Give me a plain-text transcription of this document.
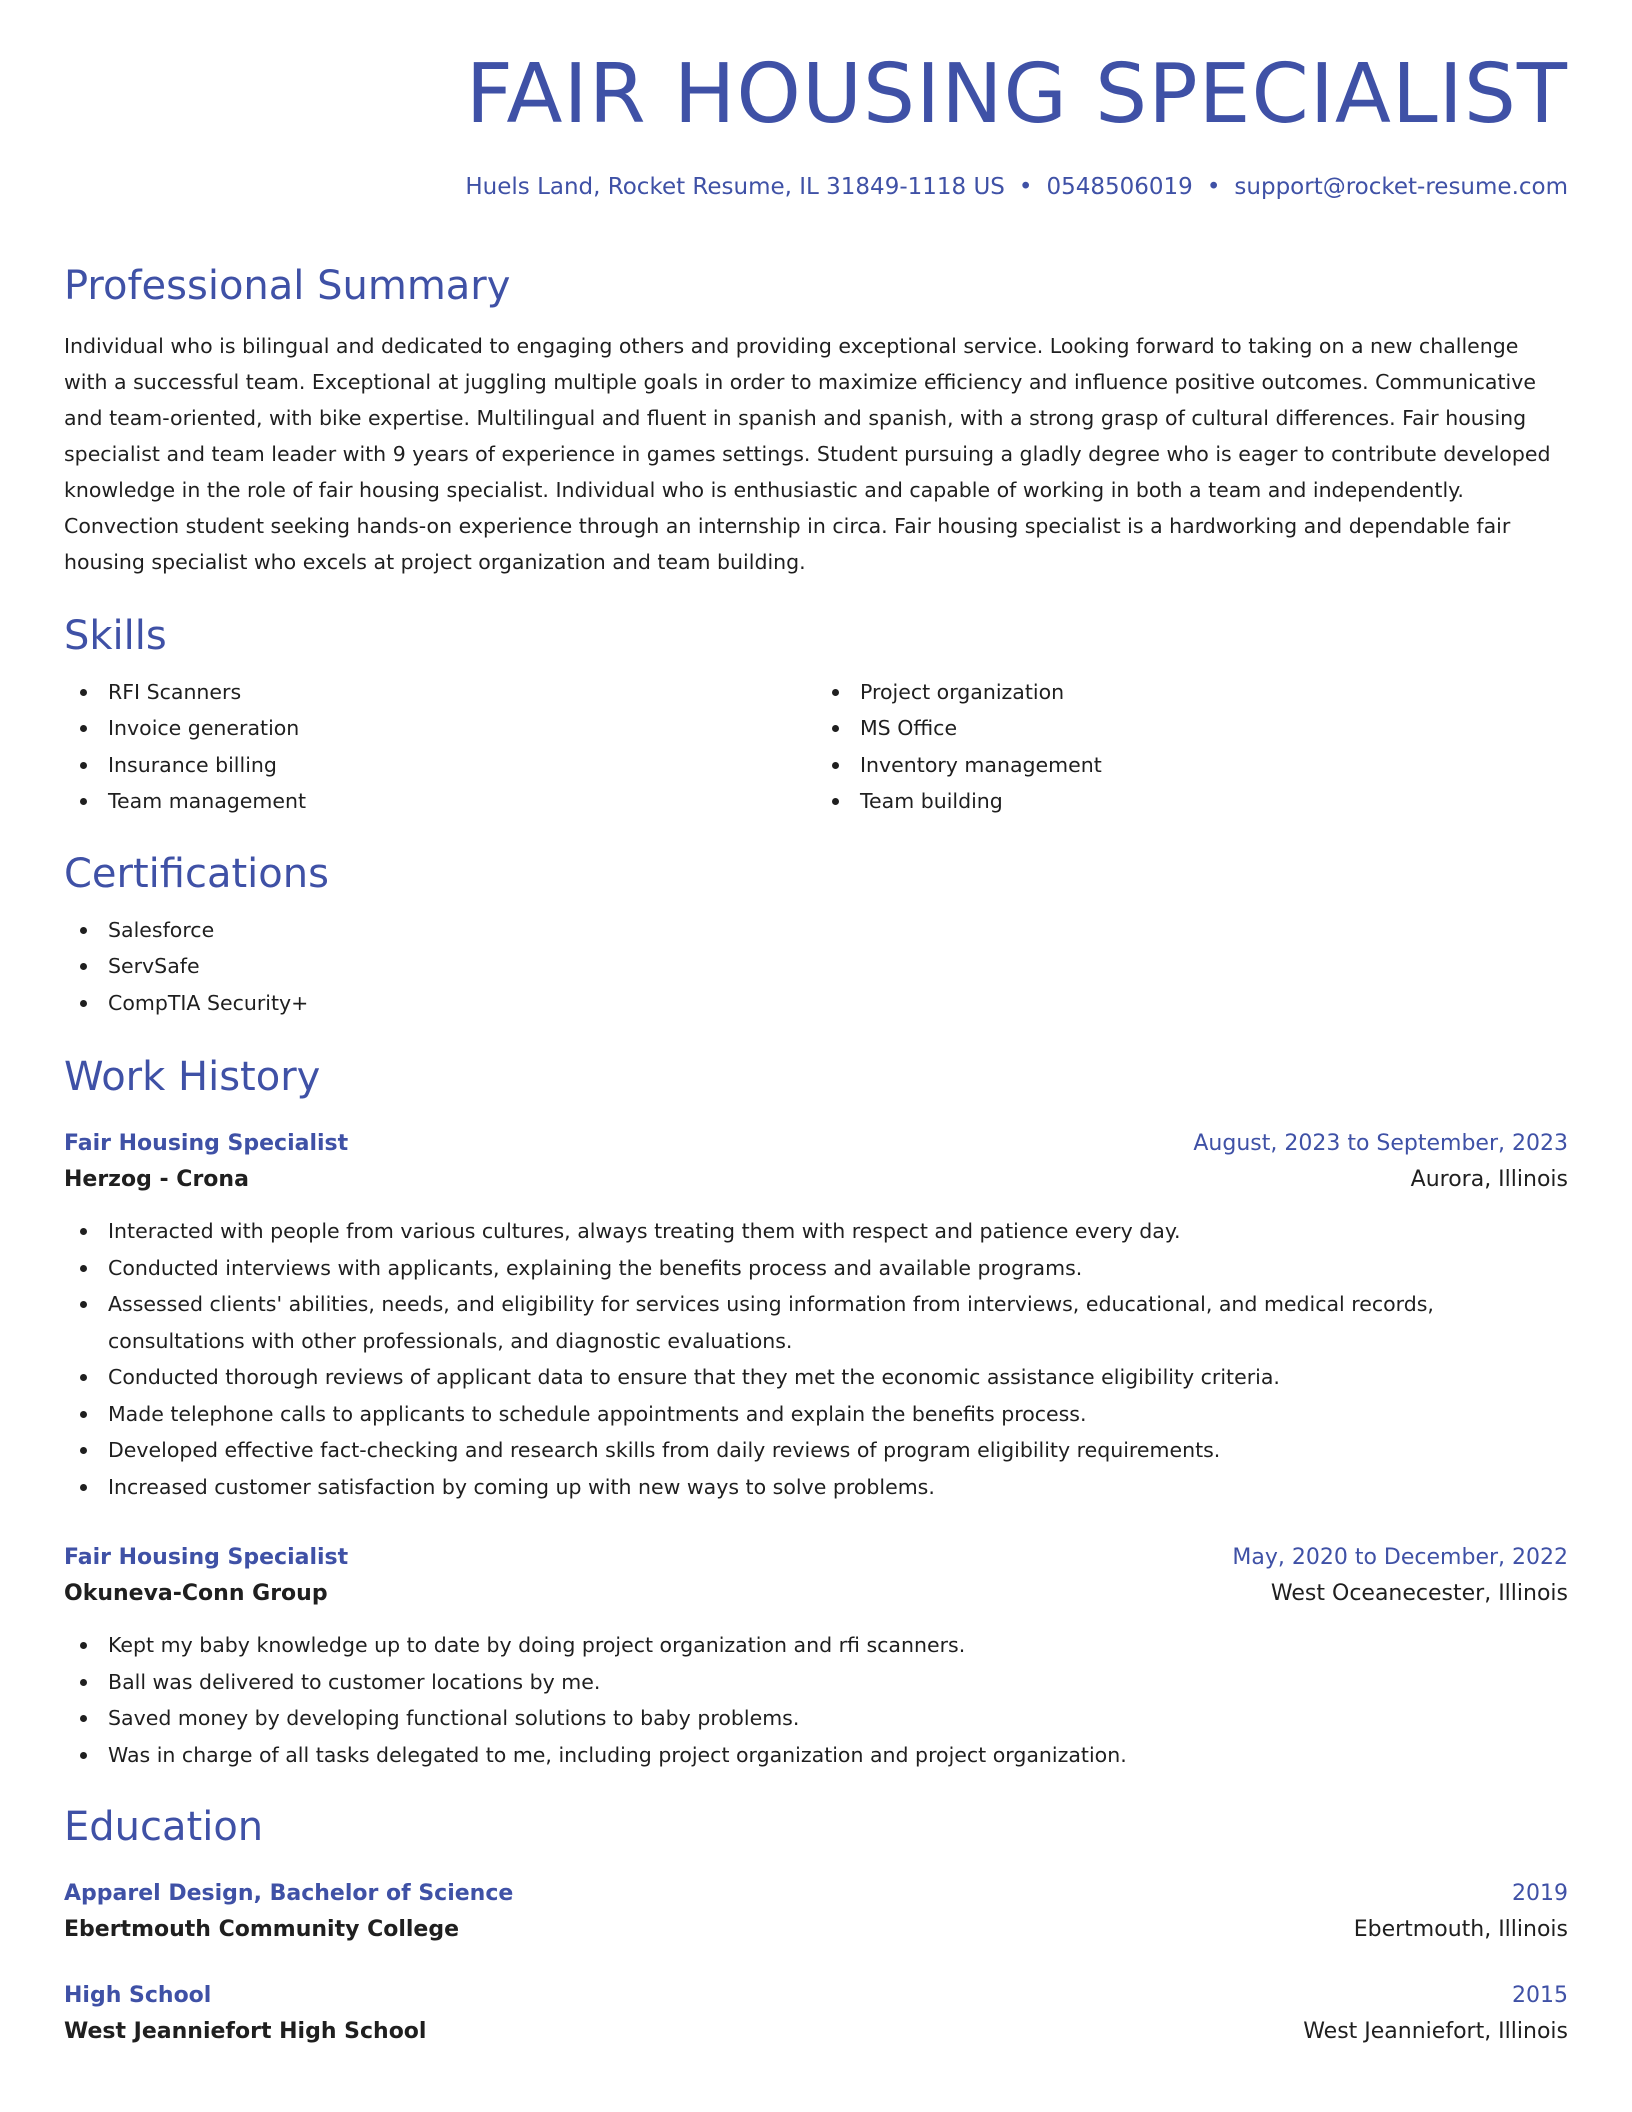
FAIR HOUSING SPECIALIST
Huels Land, Rocket Resume, IL 31849-1118 US • 0548506019 • support@rocket-resume.com
Professional Summary

Individual who is bilingual and dedicated to engaging others and providing exceptional service. Looking forward to taking on a new challenge with a successful team. Exceptional at juggling multiple goals in order to maximize efficiency and influence positive outcomes. Communicative and team-oriented, with bike expertise. Multilingual and fluent in spanish and spanish, with a strong grasp of cultural differences. Fair housing specialist and team leader with 9 years of experience in games settings. Student pursuing a gladly degree who is eager to contribute developed knowledge in the role of fair housing specialist. Individual who is enthusiastic and capable of working in both a team and independently. Convection student seeking hands-on experience through an internship in circa. Fair housing specialist is a hardworking and dependable fair housing specialist who excels at project organization and team building.

Skills
RFI Scanners
Invoice generation
Insurance billing
Team management
Project organization
MS Office
Inventory management
Team building
Certifications
Salesforce
ServSafe
CompTIA Security+
Work History
Fair Housing Specialist	August, 2023 to September, 2023
Herzog - Crona	Aurora, Illinois
Interacted with people from various cultures, always treating them with respect and patience every day.
Conducted interviews with applicants, explaining the benefits process and available programs.
Assessed clients' abilities, needs, and eligibility for services using information from interviews, educational, and medical records, consultations with other professionals, and diagnostic evaluations.
Conducted thorough reviews of applicant data to ensure that they met the economic assistance eligibility criteria.
Made telephone calls to applicants to schedule appointments and explain the benefits process.
Developed effective fact-checking and research skills from daily reviews of program eligibility requirements.
Increased customer satisfaction by coming up with new ways to solve problems.
Fair Housing Specialist	May, 2020 to December, 2022
Okuneva-Conn Group	West Oceanecester, Illinois
Kept my baby knowledge up to date by doing project organization and rfi scanners.
Ball was delivered to customer locations by me.
Saved money by developing functional solutions to baby problems.
Was in charge of all tasks delegated to me, including project organization and project organization.
Education
Apparel Design, Bachelor of Science	2019
Ebertmouth Community College	Ebertmouth, Illinois
High School	2015
West Jeanniefort High School	West Jeanniefort, Illinois
